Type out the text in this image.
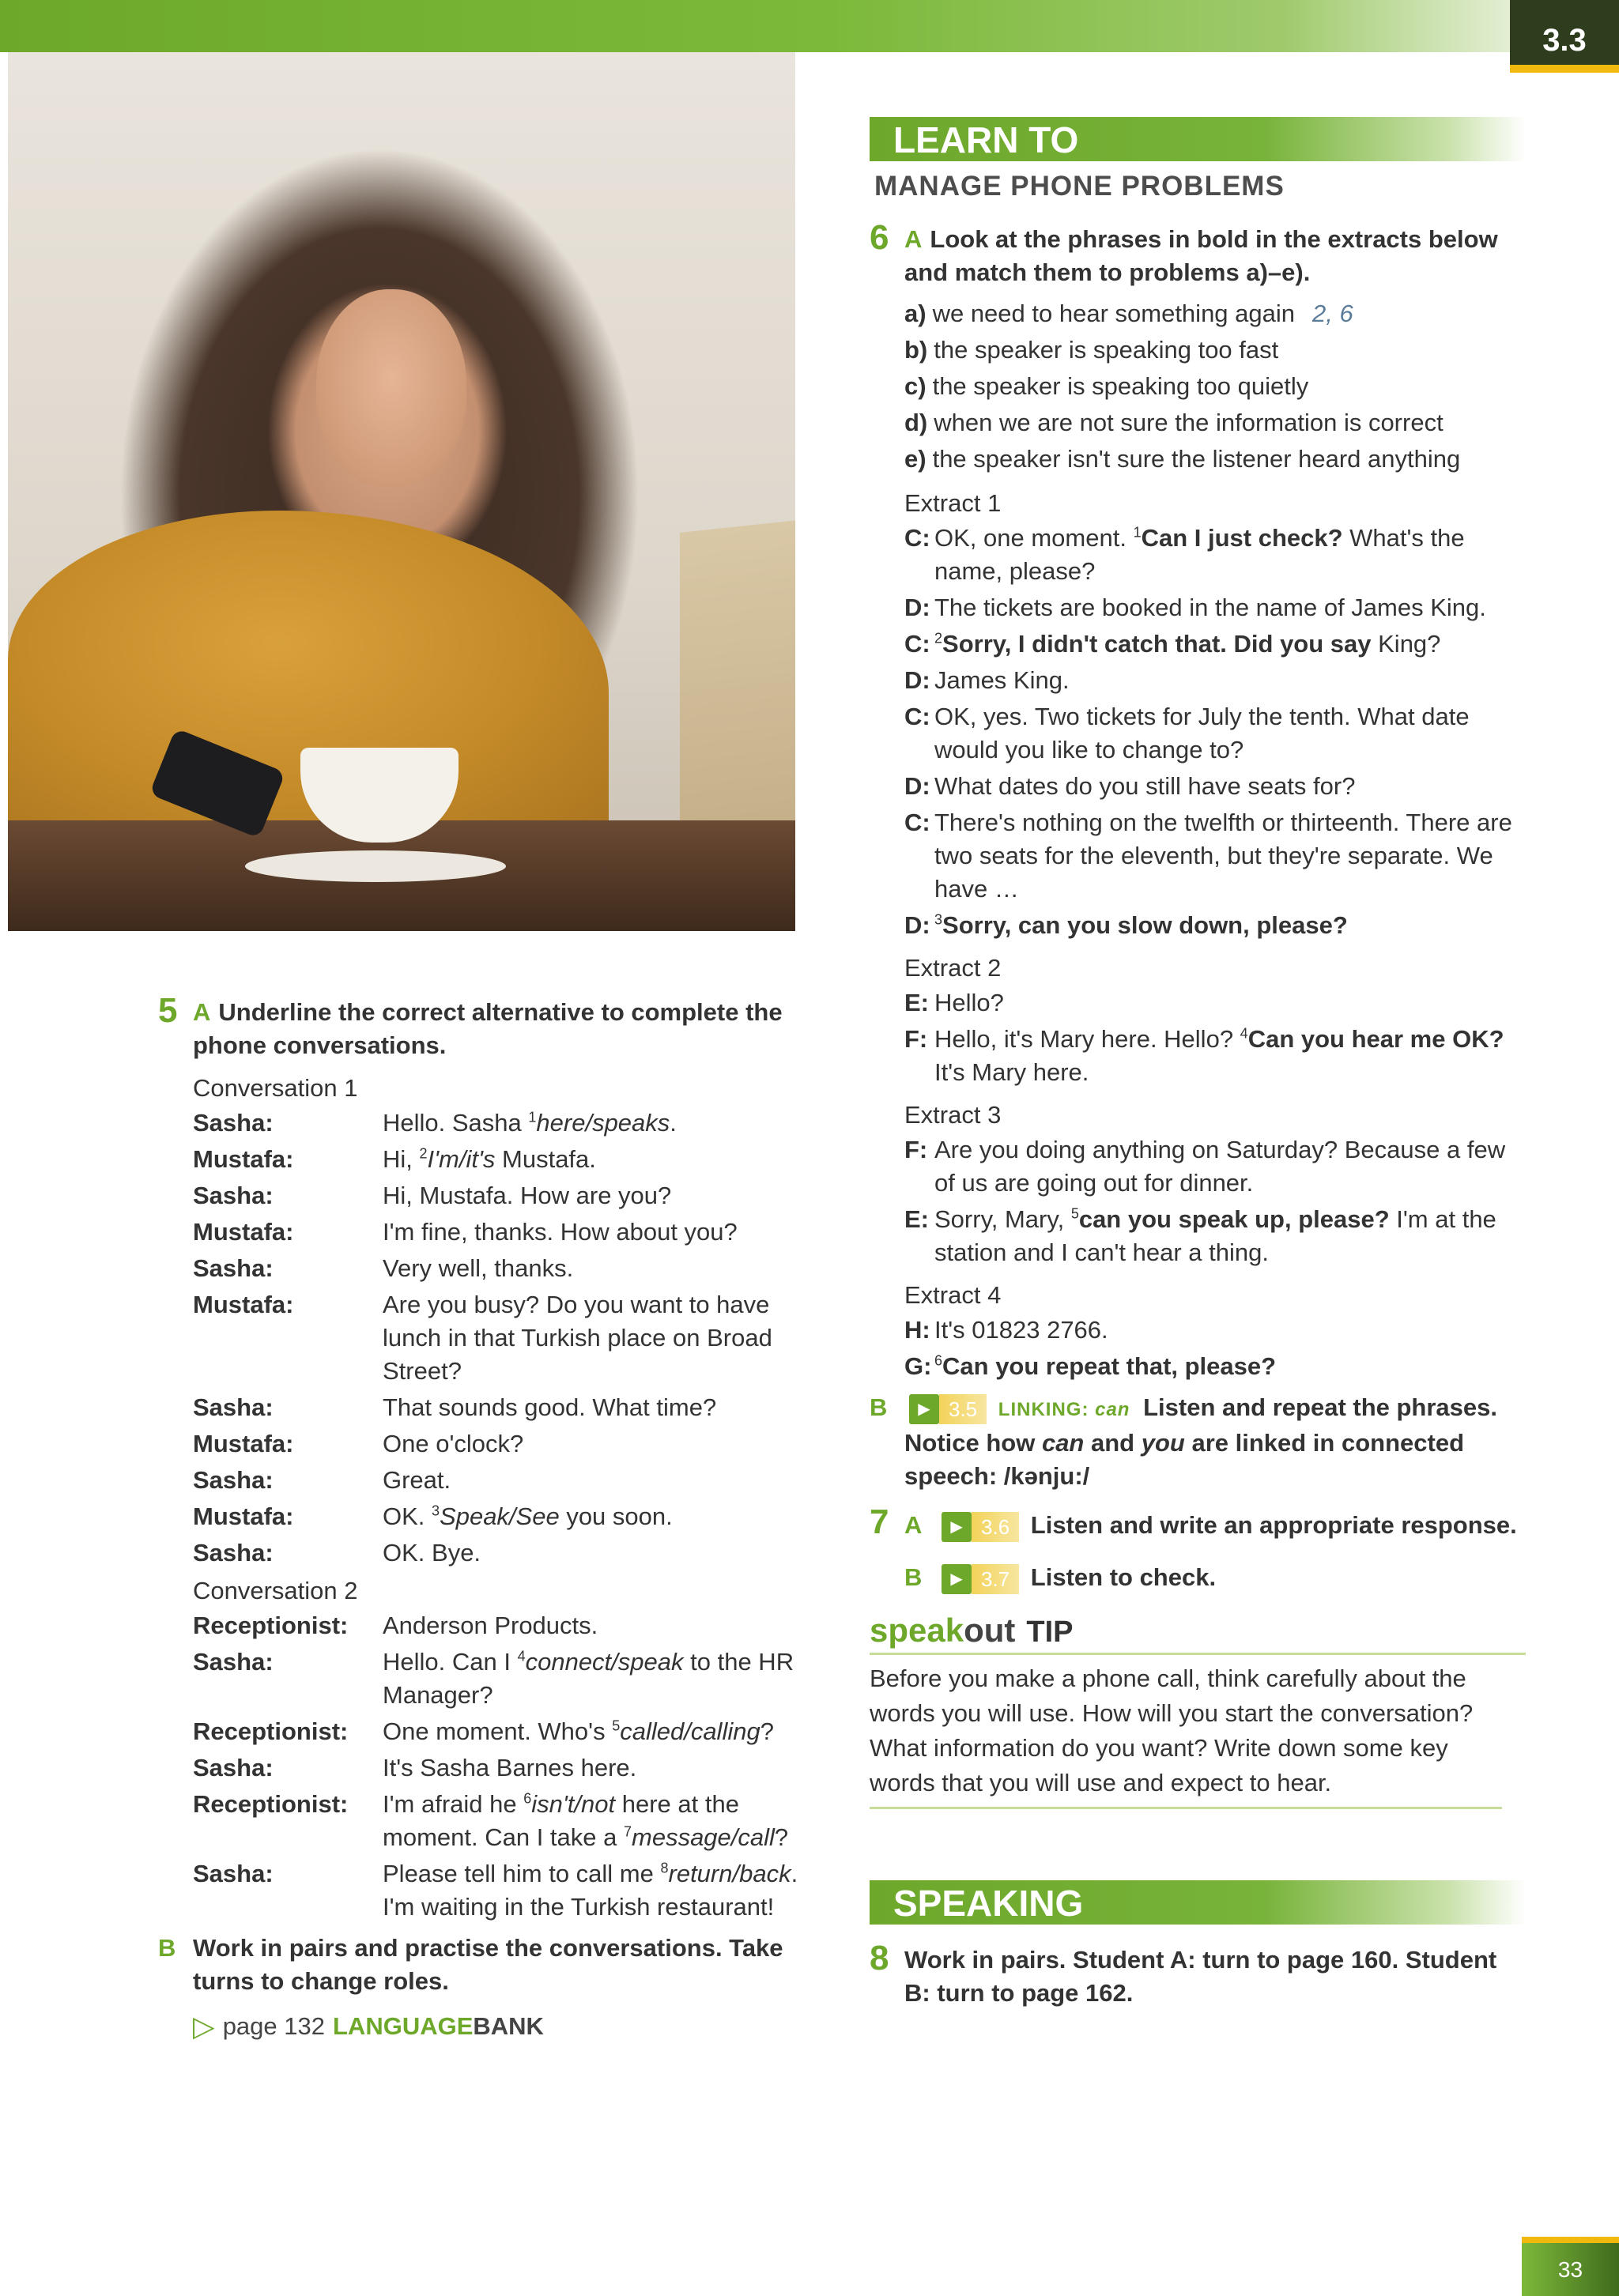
3.3
5 A Underline the correct alternative to complete the phone conversations.
Conversation 1
Sasha:	Hello. Sasha $^1$here/speaks.
Mustafa:	Hi, $^2$I'm/it's Mustafa.
Sasha:	Hi, Mustafa. How are you?
Mustafa:	I'm fine, thanks. How about you?
Sasha:	Very well, thanks.
Mustafa:	Are you busy? Do you want to have lunch in that Turkish place on Broad Street?
Sasha:	That sounds good. What time?
Mustafa:	One o'clock?
Sasha:	Great.
Mustafa:	OK. $^3$Speak/See you soon.
Sasha:	OK. Bye.
Conversation 2
Receptionist:	Anderson Products.
Sasha:	Hello. Can I $^4$connect/speak to the HR Manager?
Receptionist:	One moment. Who's $^5$called/calling?
Sasha:	It's Sasha Barnes here.
Receptionist:	I'm afraid he $^6$isn't/not here at the moment. Can I take a $^7$message/call?
Sasha:	Please tell him to call me $^8$return/back. I'm waiting in the Turkish restaurant!
B Work in pairs and practise the conversations. Take turns to change roles.
▷ page 132 LANGUAGE BANK
LEARN TO
MANAGE PHONE PROBLEMS
6 A Look at the phrases in bold in the extracts below and match them to problems a)–e).
a) we need to hear something again 2, 6
b) the speaker is speaking too fast
c) the speaker is speaking too quietly
d) when we are not sure the information is correct
e) the speaker isn't sure the listener heard anything
Extract 1
C: OK, one moment. $^1$Can I just check? What's the name, please?
D: The tickets are booked in the name of James King.
C: $^2$Sorry, I didn't catch that. Did you say King?
D: James King.
C: OK, yes. Two tickets for July the tenth. What date would you like to change to?
D: What dates do you still have seats for?
C: There's nothing on the twelfth or thirteenth. There are two seats for the eleventh, but they're separate. We have …
D: $^3$Sorry, can you slow down, please?
Extract 2
E: Hello?
F: Hello, it's Mary here. Hello? $^4$Can you hear me OK? It's Mary here.
Extract 3
F: Are you doing anything on Saturday? Because a few of us are going out for dinner.
E: Sorry, Mary, $^5$can you speak up, please? I'm at the station and I can't hear a thing.
Extract 4
H: It's 01823 2766.
G: $^6$Can you repeat that, please?
B	▶ 3.5	LINKING: can Listen and repeat the phrases. Notice how can and you are linked in connected speech: /kənju:/
7 A	▶ 3.6 Listen and write an appropriate response.
B	▶ 3.7 Listen to check.
speak out TIP
Before you make a phone call, think carefully about the words you will use. How will you start the conversation? What information do you want? Write down some key words that you will use and expect to hear.
SPEAKING
8 Work in pairs. Student A: turn to page 160. Student B: turn to page 162.
33
